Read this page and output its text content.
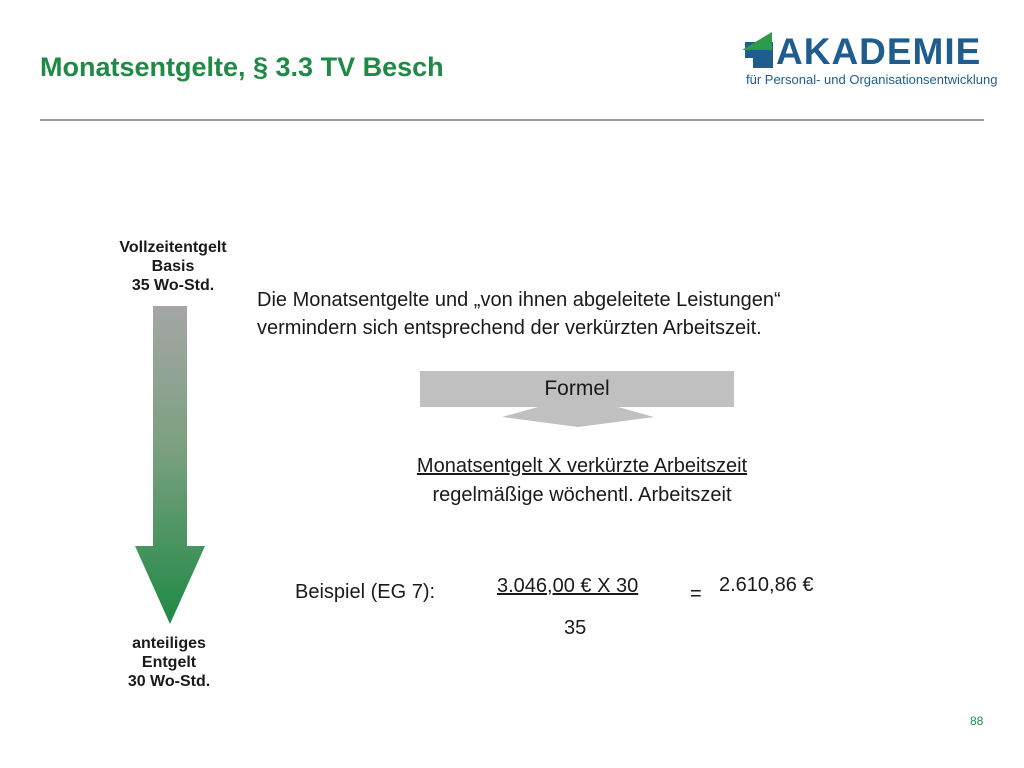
Monatsentgelte, § 3.3 TV Besch	AKADEMIE
für Personal- und Organisationsentwicklung
Vollzeitentgelt
Basis
35 Wo-Std.
anteiliges
Entgelt
30 Wo-Std.
Die Monatsentgelte und „von ihnen abgeleitete Leistungen“
vermindern sich entsprechend der verkürzten Arbeitszeit.
Formel
Monatsentgelt X verkürzte Arbeitszeit
regelmäßige wöchentl. Arbeitszeit
Beispiel (EG 7):	3.046,00 € X 30
35
= 2.610,86 €
88
